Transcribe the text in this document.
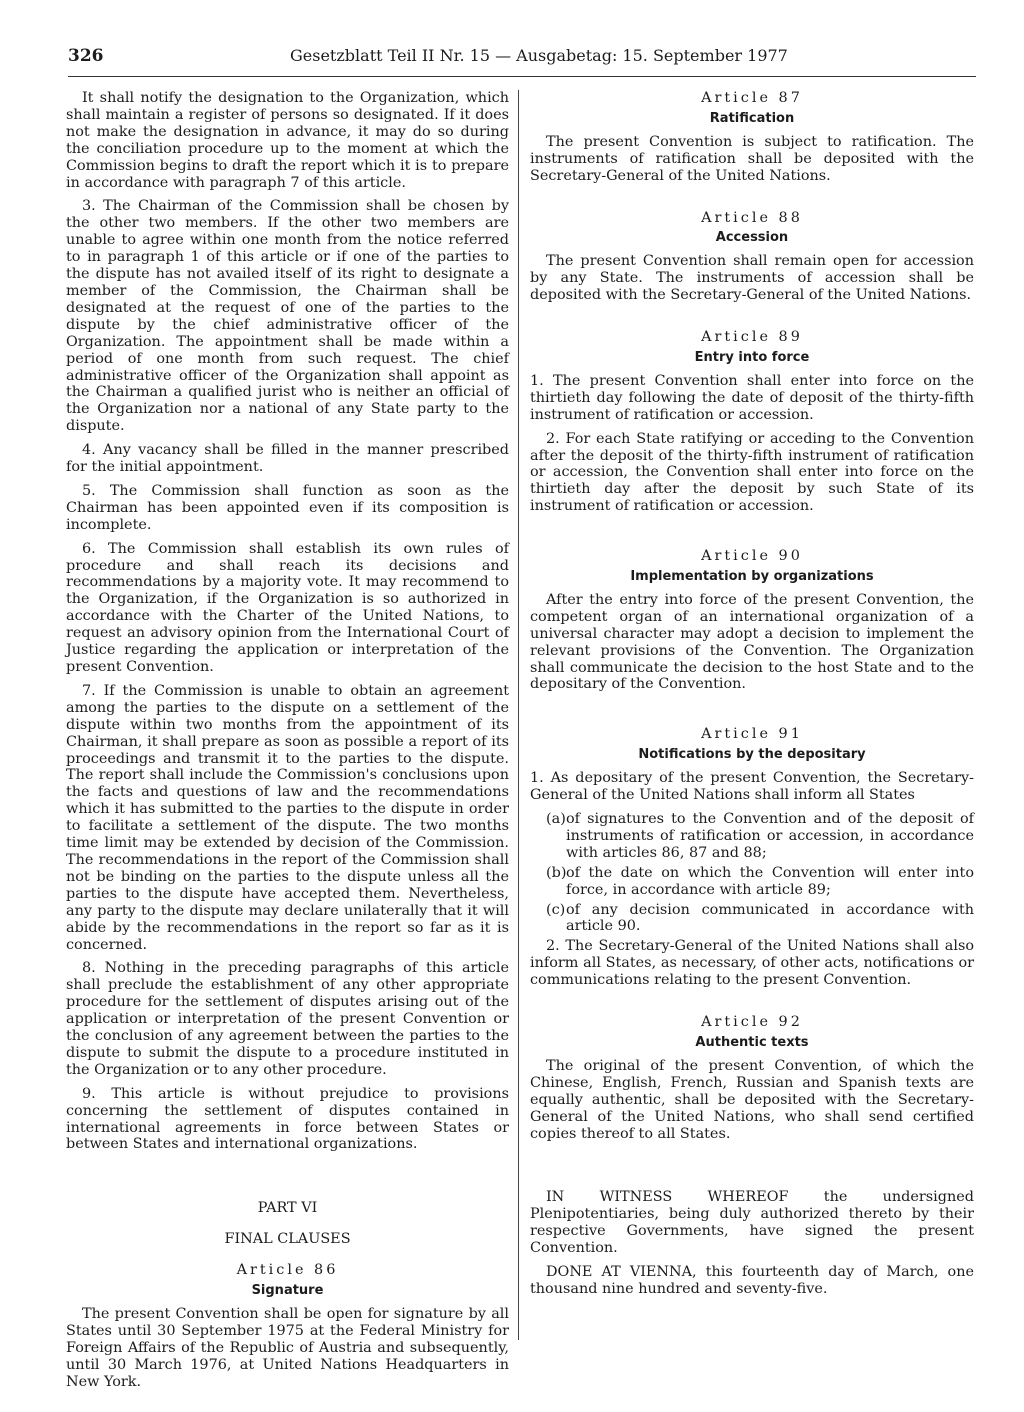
326	Gesetzblatt Teil II Nr. 15 — Ausgabetag: 15. September 1977

It shall notify the designation to the Organization, which shall maintain a register of persons so designated. If it does not make the designation in advance, it may do so during the conciliation procedure up to the moment at which the Commission begins to draft the report which it is to prepare in accordance with paragraph 7 of this article.

3. The Chairman of the Commission shall be chosen by the other two members. If the other two members are unable to agree within one month from the notice referred to in paragraph 1 of this article or if one of the parties to the dispute has not availed itself of its right to designate a member of the Commission, the Chairman shall be designated at the request of one of the parties to the dispute by the chief administrative officer of the Organization. The appointment shall be made within a period of one month from such request. The chief administrative officer of the Organization shall appoint as the Chairman a qualified jurist who is neither an official of the Organization nor a national of any State party to the dispute.

4. Any vacancy shall be filled in the manner prescribed for the initial appointment.

5. The Commission shall function as soon as the Chairman has been appointed even if its composition is incomplete.

6. The Commission shall establish its own rules of procedure and shall reach its decisions and recommendations by a majority vote. It may recommend to the Organization, if the Organization is so authorized in accordance with the Charter of the United Nations, to request an advisory opinion from the International Court of Justice regarding the application or interpretation of the present Convention.

7. If the Commission is unable to obtain an agreement among the parties to the dispute on a settlement of the dispute within two months from the appointment of its Chairman, it shall prepare as soon as possible a report of its proceedings and transmit it to the parties to the dispute. The report shall include the Commission's conclusions upon the facts and questions of law and the recommendations which it has submitted to the parties to the dispute in order to facilitate a settlement of the dispute. The two months time limit may be extended by decision of the Commission. The recommendations in the report of the Commission shall not be binding on the parties to the dispute unless all the parties to the dispute have accepted them. Nevertheless, any party to the dispute may declare unilaterally that it will abide by the recommendations in the report so far as it is concerned.

8. Nothing in the preceding paragraphs of this article shall preclude the establishment of any other appropriate procedure for the settlement of disputes arising out of the application or interpretation of the present Convention or the conclusion of any agreement between the parties to the dispute to submit the dispute to a procedure instituted in the Organization or to any other procedure.

9. This article is without prejudice to provisions concerning the settlement of disputes contained in international agreements in force between States or between States and international organizations.

PART VI

FINAL CLAUSES

Article 86

Signature

The present Convention shall be open for signature by all States until 30 September 1975 at the Federal Ministry for Foreign Affairs of the Republic of Austria and subsequently, until 30 March 1976, at United Nations Headquarters in New York.

Article 87

Ratification

The present Convention is subject to ratification. The instruments of ratification shall be deposited with the Secretary-General of the United Nations.

Article 88

Accession

The present Convention shall remain open for accession by any State. The instruments of accession shall be deposited with the Secretary-General of the United Nations.

Article 89

Entry into force

1. The present Convention shall enter into force on the thirtieth day following the date of deposit of the thirty-fifth instrument of ratification or accession.

2. For each State ratifying or acceding to the Convention after the deposit of the thirty-fifth instrument of ratification or accession, the Convention shall enter into force on the thirtieth day after the deposit by such State of its instrument of ratification or accession.

Article 90

Implementation by organizations

After the entry into force of the present Convention, the competent organ of an international organization of a universal character may adopt a decision to implement the relevant provisions of the Convention. The Organization shall communicate the decision to the host State and to the depositary of the Convention.

Article 91

Notifications by the depositary

1. As depositary of the present Convention, the Secretary-General of the United Nations shall inform all States

(a) of signatures to the Convention and of the deposit of instruments of ratification or accession, in accordance with articles 86, 87 and 88;
(b) of the date on which the Convention will enter into force, in accordance with article 89;
(c) of any decision communicated in accordance with article 90.

2. The Secretary-General of the United Nations shall also inform all States, as necessary, of other acts, notifications or communications relating to the present Convention.

Article 92

Authentic texts

The original of the present Convention, of which the Chinese, English, French, Russian and Spanish texts are equally authentic, shall be deposited with the Secretary-General of the United Nations, who shall send certified copies thereof to all States.

IN WITNESS WHEREOF the undersigned Plenipotentiaries, being duly authorized thereto by their respective Governments, have signed the present Convention.

DONE AT VIENNA, this fourteenth day of March, one thousand nine hundred and seventy-five.
